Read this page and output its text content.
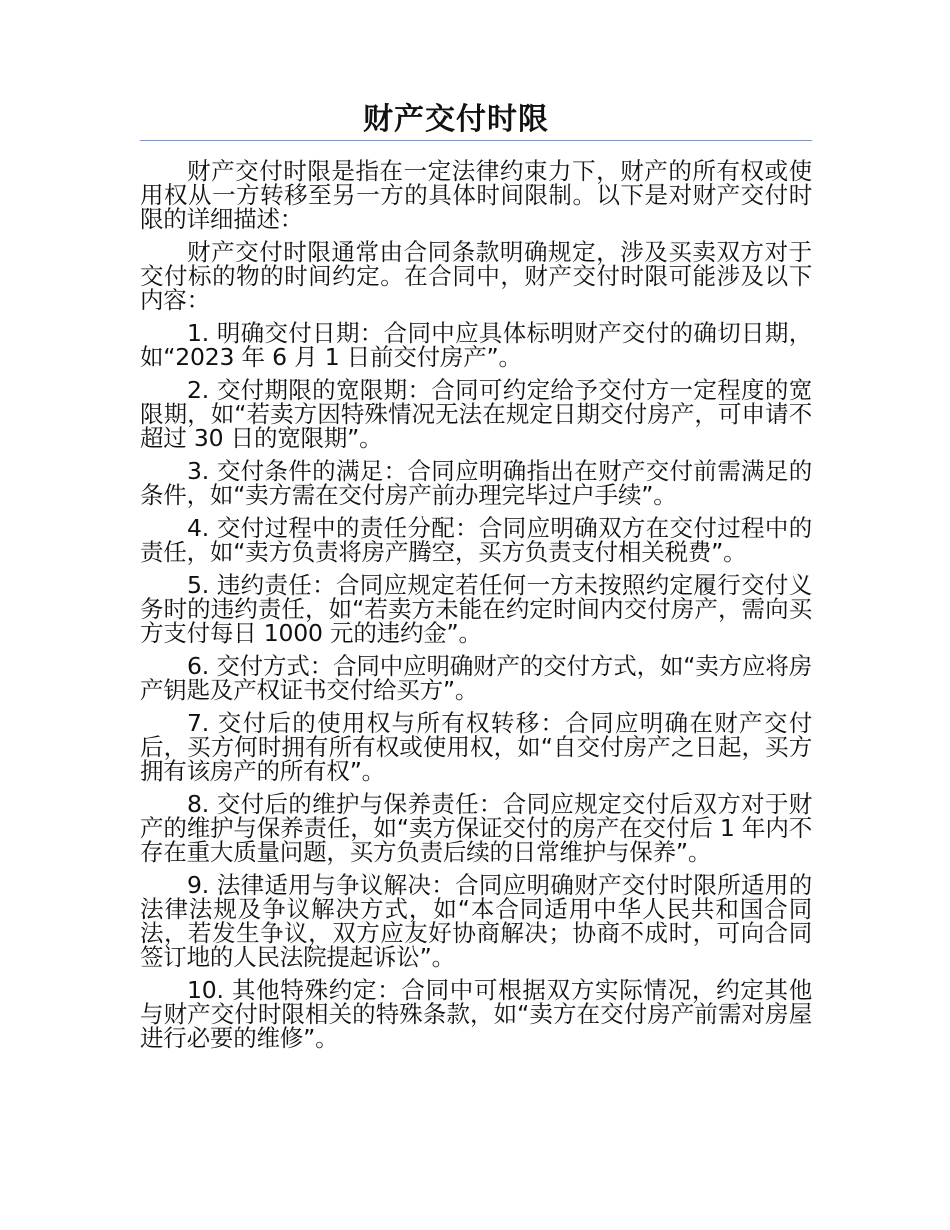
财产交付时限

财产交付时限是指在一定法律约束力下，财产的所有权或使用权从一方转移至另一方的具体时间限制。以下是对财产交付时限的详细描述：

财产交付时限通常由合同条款明确规定，涉及买卖双方对于交付标的物的时间约定。在合同中，财产交付时限可能涉及以下内容：

1. 明确交付日期：合同中应具体标明财产交付的确切日期，如“2023 年 6 月 1 日前交付房产”。

2. 交付期限的宽限期：合同可约定给予交付方一定程度的宽限期，如“若卖方因特殊情况无法在规定日期交付房产，可申请不超过 30 日的宽限期”。

3. 交付条件的满足：合同应明确指出在财产交付前需满足的条件，如“卖方需在交付房产前办理完毕过户手续”。

4. 交付过程中的责任分配：合同应明确双方在交付过程中的责任，如“卖方负责将房产腾空，买方负责支付相关税费”。

5. 违约责任：合同应规定若任何一方未按照约定履行交付义务时的违约责任，如“若卖方未能在约定时间内交付房产，需向买方支付每日 1000 元的违约金”。

6. 交付方式：合同中应明确财产的交付方式，如“卖方应将房产钥匙及产权证书交付给买方”。

7. 交付后的使用权与所有权转移：合同应明确在财产交付后，买方何时拥有所有权或使用权，如“自交付房产之日起，买方拥有该房产的所有权”。

8. 交付后的维护与保养责任：合同应规定交付后双方对于财产的维护与保养责任，如“卖方保证交付的房产在交付后 1 年内不存在重大质量问题，买方负责后续的日常维护与保养”。

9. 法律适用与争议解决：合同应明确财产交付时限所适用的法律法规及争议解决方式，如“本合同适用中华人民共和国合同法，若发生争议，双方应友好协商解决；协商不成时，可向合同签订地的人民法院提起诉讼”。

10. 其他特殊约定：合同中可根据双方实际情况，约定其他与财产交付时限相关的特殊条款，如“卖方在交付房产前需对房屋进行必要的维修”。
